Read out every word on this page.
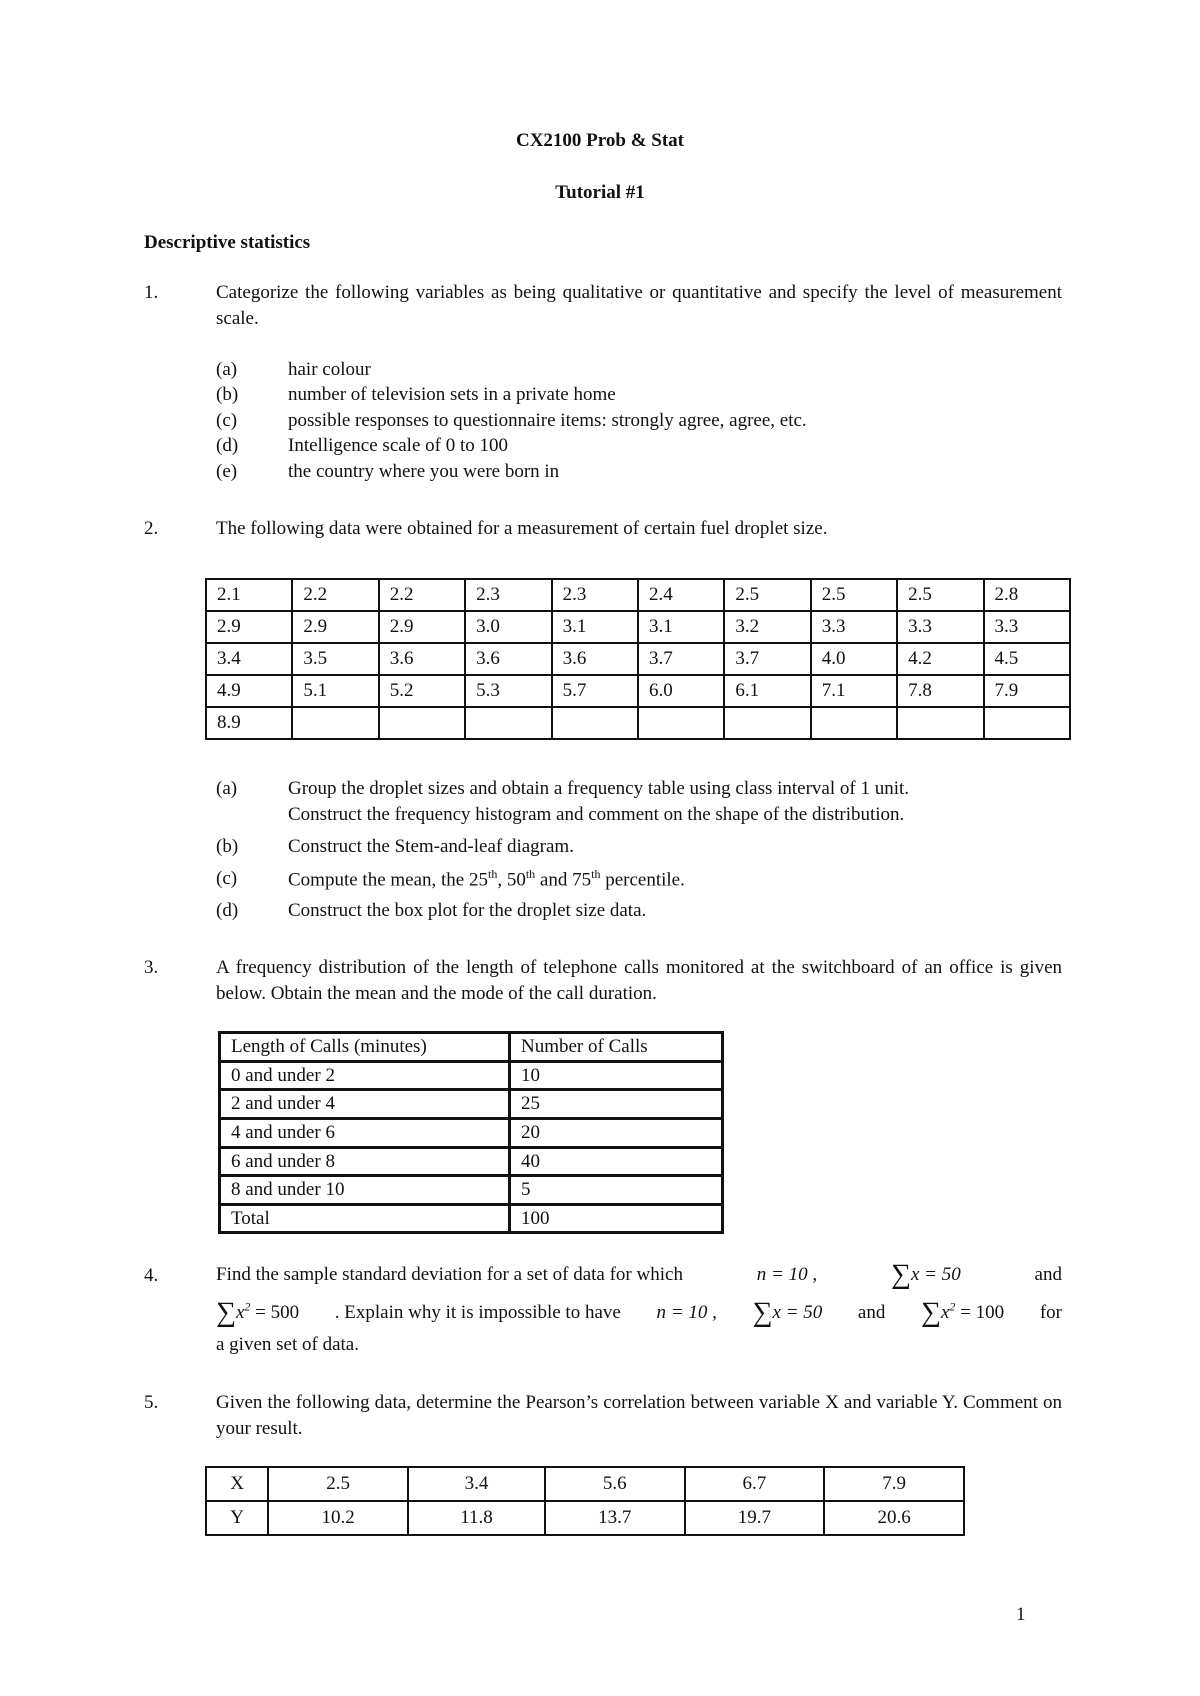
CX2100 Prob & Stat
Tutorial #1
Descriptive statistics
1.	Categorize the following variables as being qualitative or quantitative and specify the level of measurement scale.
(a)	hair colour
(b)	number of television sets in a private home
(c)	possible responses to questionnaire items: strongly agree, agree, etc.
(d)	Intelligence scale of 0 to 100
(e)	the country where you were born in
2.	The following data were obtained for a measurement of certain fuel droplet size.
2.1	2.2	2.2	2.3	2.3	2.4	2.5	2.5	2.5	2.8
2.9	2.9	2.9	3.0	3.1	3.1	3.2	3.3	3.3	3.3
3.4	3.5	3.6	3.6	3.6	3.7	3.7	4.0	4.2	4.5
4.9	5.1	5.2	5.3	5.7	6.0	6.1	7.1	7.8	7.9
8.9									
(a)	Group the droplet sizes and obtain a frequency table using class interval of 1 unit.
Construct the frequency histogram and comment on the shape of the distribution.
(b)	Construct the Stem-and-leaf diagram.
(c)	Compute the mean, the 25th, 50th and 75th percentile.
(d)	Construct the box plot for the droplet size data.
3.	A frequency distribution of the length of telephone calls monitored at the switchboard of an office is given below. Obtain the mean and the mode of the call duration.
Length of Calls (minutes)	Number of Calls
0 and under 2	10
2 and under 4	25
4 and under 6	20
6 and under 8	40
8 and under 10	5
Total	100
4.	Find the sample standard deviation for a set of data for which	n = 10 ,	∑x = 50	and
$\sum x^2 = 500$ . Explain why it is impossible to have n = 10 , ∑x = 50 and $\sum x^2 = 100$ for
a given set of data.
5.	Given the following data, determine the Pearson’s correlation between variable X and variable Y. Comment on your result.
X	2.5	3.4	5.6	6.7	7.9
Y	10.2	11.8	13.7	19.7	20.6
1
